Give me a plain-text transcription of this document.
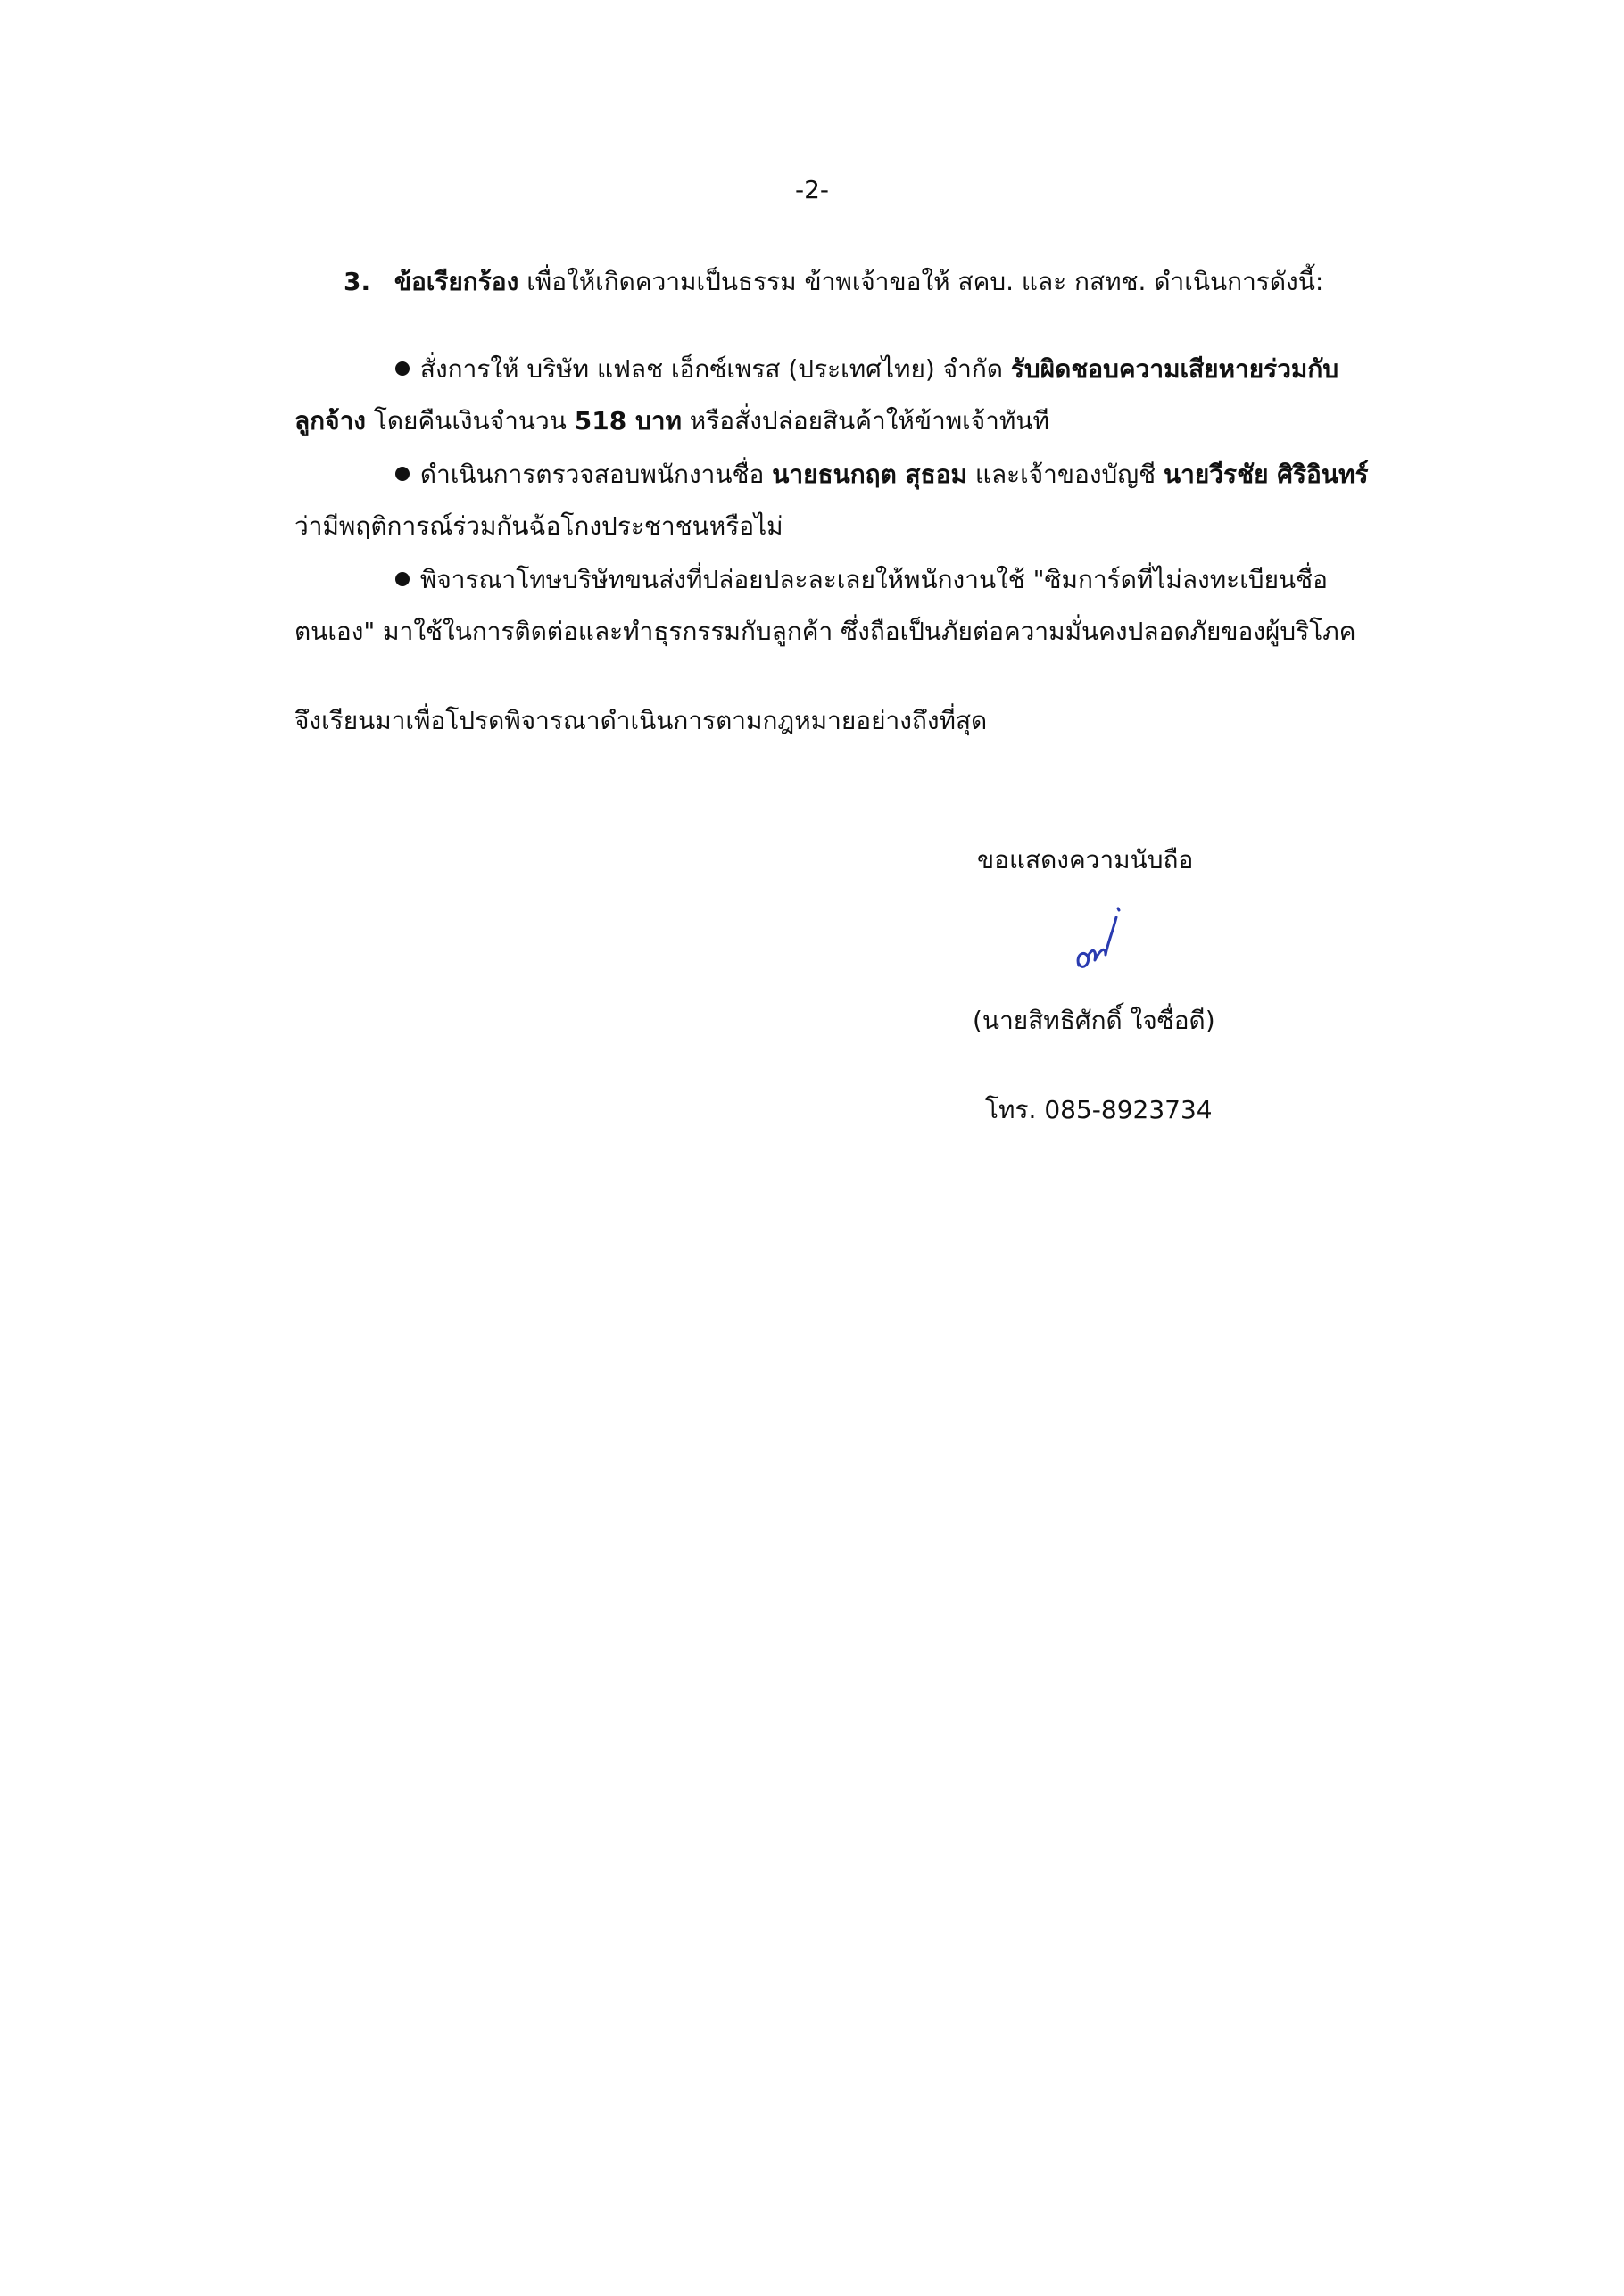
-2-
3. ข้อเรียกร้อง เพื่อให้เกิดความเป็นธรรม ข้าพเจ้าขอให้ สคบ. และ กสทช. ดำเนินการดังนี้:
สั่งการให้ บริษัท แฟลช เอ็กซ์เพรส (ประเทศไทย) จำกัด รับผิดชอบความเสียหายร่วมกับ
ลูกจ้าง โดยคืนเงินจำนวน 518 บาท หรือสั่งปล่อยสินค้าให้ข้าพเจ้าทันที
ดำเนินการตรวจสอบพนักงานชื่อ นายธนกฤต สุธอม และเจ้าของบัญชี นายวีรชัย ศิริอินทร์
ว่ามีพฤติการณ์ร่วมกันฉ้อโกงประชาชนหรือไม่
พิจารณาโทษบริษัทขนส่งที่ปล่อยปละละเลยให้พนักงานใช้ "ซิมการ์ดที่ไม่ลงทะเบียนชื่อ
ตนเอง" มาใช้ในการติดต่อและทำธุรกรรมกับลูกค้า ซึ่งถือเป็นภัยต่อความมั่นคงปลอดภัยของผู้บริโภค
จึงเรียนมาเพื่อโปรดพิจารณาดำเนินการตามกฎหมายอย่างถึงที่สุด
ขอแสดงความนับถือ
(นายสิทธิศักดิ์ ใจซื่อดี)
โทร. 085-8923734
